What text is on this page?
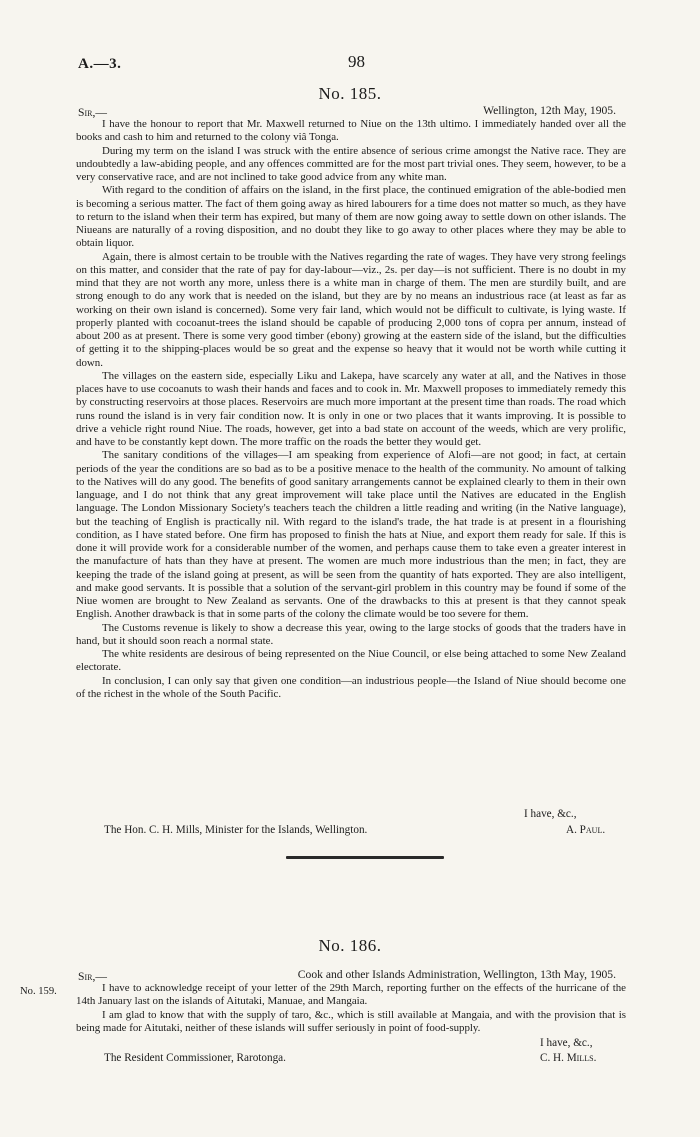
A.—3.	98
No. 185.
Sir,—	Wellington, 12th May, 1905.

I have the honour to report that Mr. Maxwell returned to Niue on the 13th ultimo. I immediately handed over all the books and cash to him and returned to the colony viâ Tonga.

During my term on the island I was struck with the entire absence of serious crime amongst the Native race. They are undoubtedly a law-abiding people, and any offences committed are for the most part trivial ones. They seem, however, to be a very conservative race, and are not inclined to take good advice from any white man.

With regard to the condition of affairs on the island, in the first place, the continued emigration of the able-bodied men is becoming a serious matter. The fact of them going away as hired labourers for a time does not matter so much, as they have to return to the island when their term has expired, but many of them are now going away to settle down on other islands. The Niueans are naturally of a roving disposition, and no doubt they like to go away to other places where they may be able to obtain liquor.

Again, there is almost certain to be trouble with the Natives regarding the rate of wages. They have very strong feelings on this matter, and consider that the rate of pay for day-labour—viz., 2s. per day—is not sufficient. There is no doubt in my mind that they are not worth any more, unless there is a white man in charge of them. The men are sturdily built, and are strong enough to do any work that is needed on the island, but they are by no means an industrious race (at least as far as working on their own island is concerned). Some very fair land, which would not be difficult to cultivate, is lying waste. If properly planted with cocoanut-trees the island should be capable of producing 2,000 tons of copra per annum, instead of about 200 as at present. There is some very good timber (ebony) growing at the eastern side of the island, but the difficulties of getting it to the shipping-places would be so great and the expense so heavy that it would not be worth while cutting it down.

The villages on the eastern side, especially Liku and Lakepa, have scarcely any water at all, and the Natives in those places have to use cocoanuts to wash their hands and faces and to cook in. Mr. Maxwell proposes to immediately remedy this by constructing reservoirs at those places. Reservoirs are much more important at the present time than roads. The road which runs round the island is in very fair condition now. It is only in one or two places that it wants improving. It is possible to drive a vehicle right round Niue. The roads, however, get into a bad state on account of the weeds, which are very prolific, and have to be constantly kept down. The more traffic on the roads the better they would get.

The sanitary conditions of the villages—I am speaking from experience of Alofi—are not good; in fact, at certain periods of the year the conditions are so bad as to be a positive menace to the health of the community. No amount of talking to the Natives will do any good. The benefits of good sanitary arrangements cannot be explained clearly to them in their own language, and I do not think that any great improvement will take place until the Natives are educated in the English language. The London Missionary Society's teachers teach the children a little reading and writing (in the Native language), but the teaching of English is practically nil. With regard to the island's trade, the hat trade is at present in a flourishing condition, as I have stated before. One firm has proposed to finish the hats at Niue, and export them ready for sale. If this is done it will provide work for a considerable number of the women, and perhaps cause them to take even a greater interest in the manufacture of hats than they have at present. The women are much more industrious than the men; in fact, they are keeping the trade of the island going at present, as will be seen from the quantity of hats exported. They are also intelligent, and make good servants. It is possible that a solution of the servant-girl problem in this country may be found if some of the Niue women are brought to New Zealand as servants. One of the drawbacks to this at present is that they cannot speak English. Another drawback is that in some parts of the colony the climate would be too severe for them.

The Customs revenue is likely to show a decrease this year, owing to the large stocks of goods that the traders have in hand, but it should soon reach a normal state.

The white residents are desirous of being represented on the Niue Council, or else being attached to some New Zealand electorate.

In conclusion, I can only say that given one condition—an industrious people—the Island of Niue should become one of the richest in the whole of the South Pacific.

I have, &c.,
The Hon. C. H. Mills, Minister for the Islands, Wellington.	A. Paul.
No. 186.
No. 159.
Sir,—	Cook and other Islands Administration, Wellington, 13th May, 1905.

I have to acknowledge receipt of your letter of the 29th March, reporting further on the effects of the hurricane of the 14th January last on the islands of Aitutaki, Manuae, and Mangaia.

I am glad to know that with the supply of taro, &c., which is still available at Mangaia, and with the provision that is being made for Aitutaki, neither of these islands will suffer seriously in point of food-supply.

I have, &c.,
The Resident Commissioner, Rarotonga.	C. H. Mills.
